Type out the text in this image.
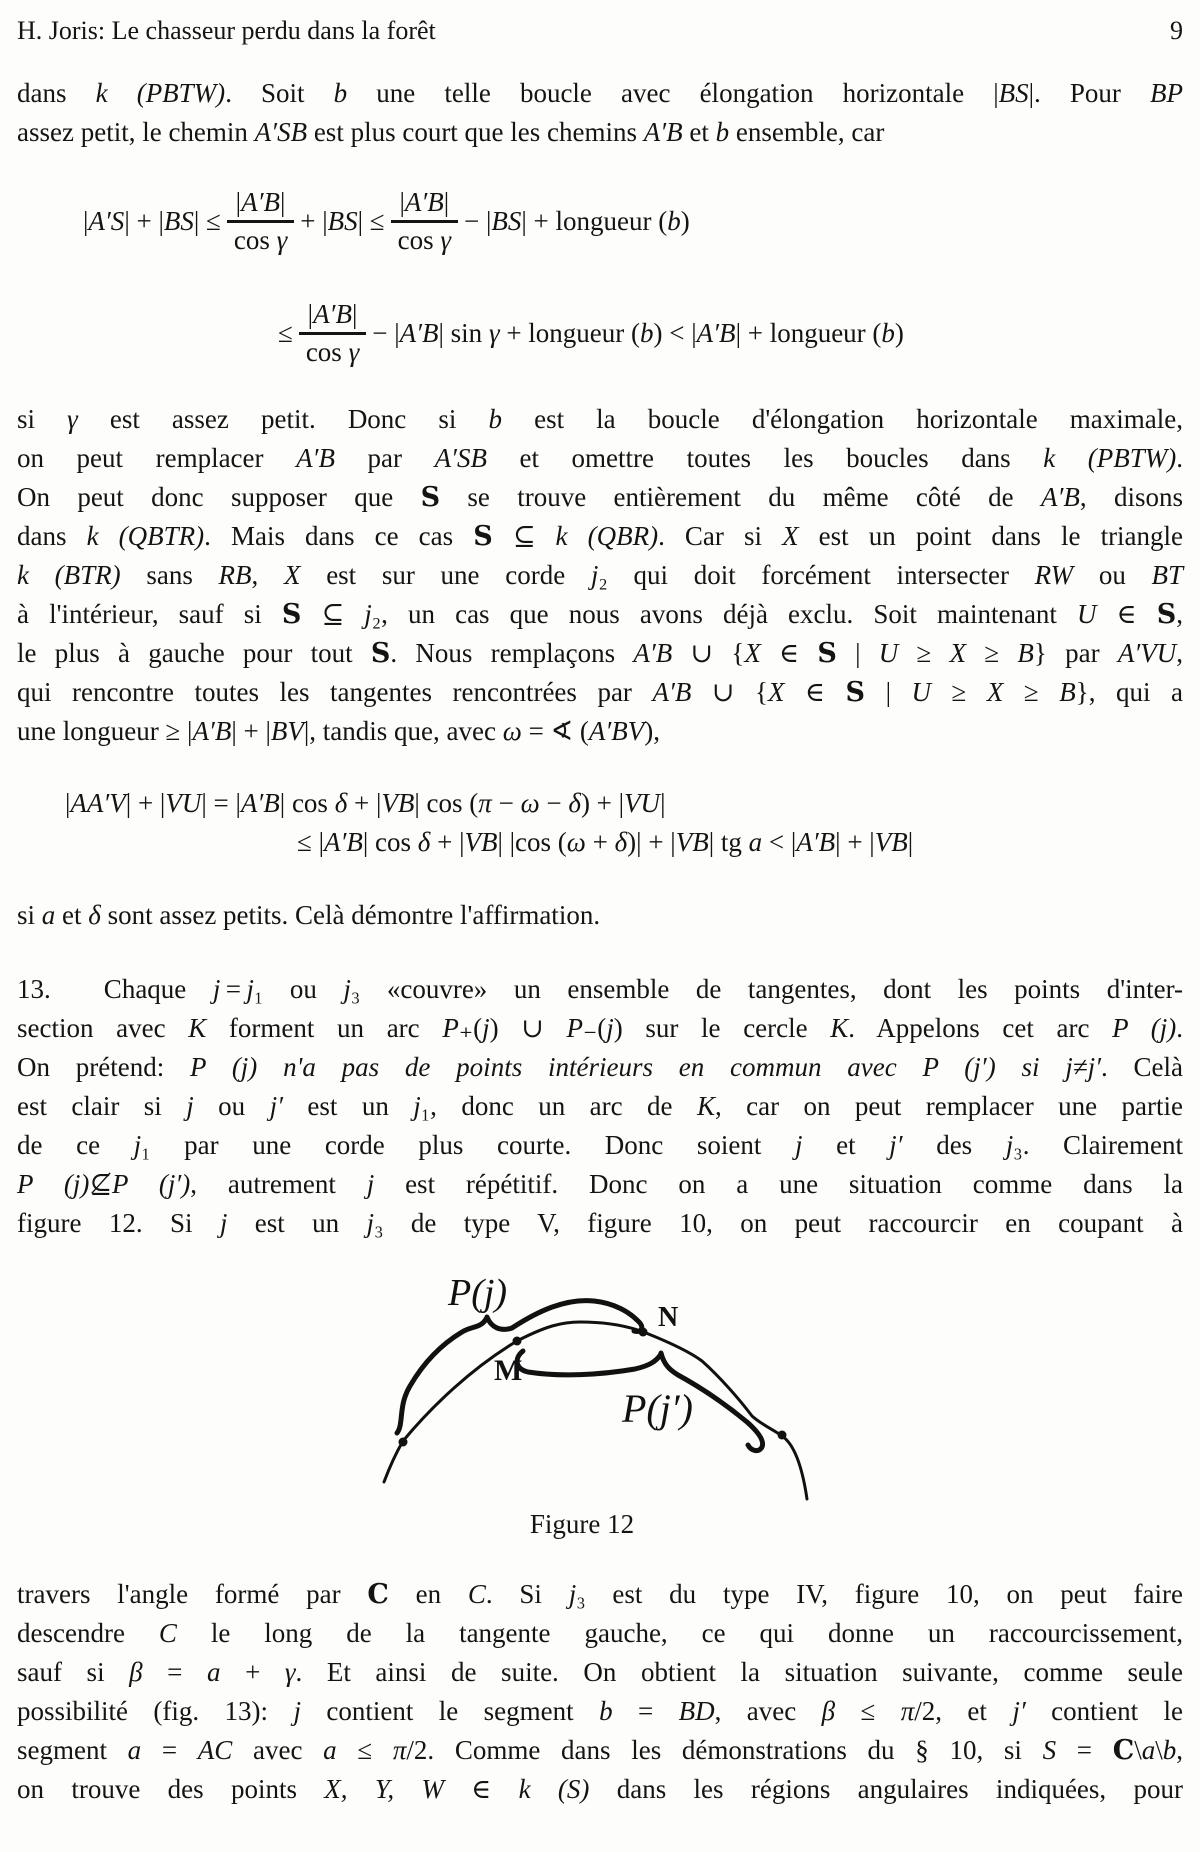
H. Joris: Le chasseur perdu dans la forêt	9
dans k (PBTW). Soit b une telle boucle avec élongation horizontale |BS|. Pour BP
assez petit, le chemin A′SB est plus court que les chemins A′B et b ensemble, car
$|A'S| + |BS| \le \frac{|A'B|}{\text{cos γ}} + |BS| \le \frac{|A'B|}{\text{cos γ}} - |BS|$ + longueur (b)
≤ $\frac{|A'B|}{\text{cos γ}} - |A'B|$ sin γ + longueur (b) < |A′B| + longueur (b)
si γ est assez petit. Donc si b est la boucle d'élongation horizontale maximale,
on peut remplacer A′B par A′SB et omettre toutes les boucles dans k (PBTW).
On peut donc supposer que S se trouve entièrement du même côté de A′B, disons
dans k (QBTR). Mais dans ce cas S ⊆ k (QBR). Car si X est un point dans le triangle
k (BTR) sans RB, X est sur une corde j₂ qui doit forcément intersecter RW ou BT
à l'intérieur, sauf si S ⊆ j₂, un cas que nous avons déjà exclu. Soit maintenant U ∈ S,
le plus à gauche pour tout S. Nous remplaçons A′B ∪ {X ∈ S | U ≥ X ≥ B} par A′VU,
qui rencontre toutes les tangentes rencontrées par A′B ∪ {X ∈ S | U ≥ X ≥ B}, qui a
une longueur ≥ |A′B| + |BV|, tandis que, avec ω = ∢ (A′BV),
|AA′V| + |VU| = |A′B| cos δ + |VB| cos (π − ω − δ) + |VU|
≤ |A′B| cos δ + |VB| |cos (ω + δ)| + |VB| tg a < |A′B| + |VB|
si a et δ sont assez petits. Celà démontre l'affirmation.
13.  Chaque j = j₁ ou j₃ «couvre» un ensemble de tangentes, dont les points d'inter-
section avec K forment un arc P₊(j) ∪ P₋(j) sur le cercle K. Appelons cet arc P (j).
On prétend: P (j) n'a pas de points intérieurs en commun avec P (j′) si j≠j′. Celà
est clair si j ou j′ est un j₁, donc un arc de K, car on peut remplacer une partie
de ce j₁ par une corde plus courte. Donc soient j et j′ des j₃. Clairement
P (j)⊈P (j′), autrement j est répétitif. Donc on a une situation comme dans la
figure 12. Si j est un j₃ de type V, figure 10, on peut raccourcir en coupant à
P(j)
N
M
P(j′)
Figure 12
travers l'angle formé par C en C. Si j₃ est du type IV, figure 10, on peut faire
descendre C le long de la tangente gauche, ce qui donne un raccourcissement,
sauf si β = a + γ. Et ainsi de suite. On obtient la situation suivante, comme seule
possibilité (fig. 13): j contient le segment b = BD, avec β ≤ π/2, et j′ contient le
segment a = AC avec a ≤ π/2. Comme dans les démonstrations du § 10, si S = C\a\b,
on trouve des points X, Y, W ∈ k (S) dans les régions angulaires indiquées, pour
